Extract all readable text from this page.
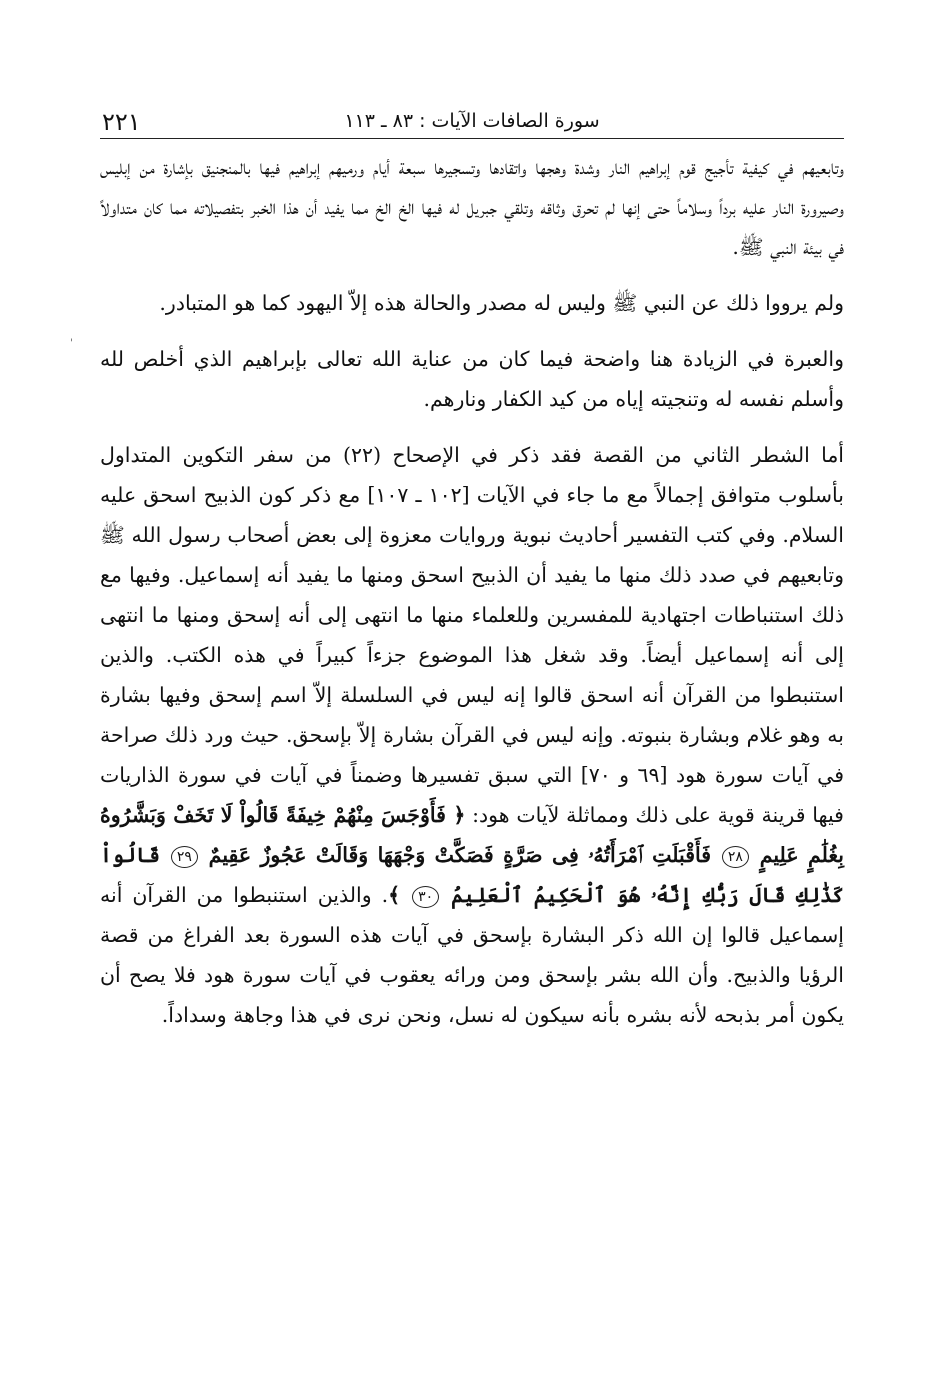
٢٢١	سورة الصافات الآيات : ٨٣ ـ ١١٣

وتابعيهم في كيفية تأجيج قوم إبراهيم النار وشدة وهجها واتقادها وتسجيرها سبعة أيام ورميهم إبراهيم فيها بالمنجنيق بإشارة من إبليس وصيرورة النار عليه برداً وسلاماً حتى إنها لم تحرق وثاقه وتلقي جبريل له فيها الخ الخ مما يفيد أن هذا الخبر بتفصيلاته مما كان متداولاً في بيئة النبي ﷺ.

ولم يرووا ذلك عن النبي ﷺ وليس له مصدر والحالة هذه إلاّ اليهود كما هو المتبادر.

والعبرة في الزيادة هنا واضحة فيما كان من عناية الله تعالى بإبراهيم الذي أخلص لله وأسلم نفسه له وتنجيته إياه من كيد الكفار ونارهم.

أما الشطر الثاني من القصة فقد ذكر في الإصحاح (٢٢) من سفر التكوين المتداول بأسلوب متوافق إجمالاً مع ما جاء في الآيات [١٠٢ ـ ١٠٧] مع ذكر كون الذبيح اسحق عليه السلام. وفي كتب التفسير أحاديث نبوية وروايات معزوة إلى بعض أصحاب رسول الله ﷺ وتابعيهم في صدد ذلك منها ما يفيد أن الذبيح اسحق ومنها ما يفيد أنه إسماعيل. وفيها مع ذلك استنباطات اجتهادية للمفسرين وللعلماء منها ما انتهى إلى أنه إسحق ومنها ما انتهى إلى أنه إسماعيل أيضاً. وقد شغل هذا الموضوع جزءاً كبيراً في هذه الكتب. والذين استنبطوا من القرآن أنه اسحق قالوا إنه ليس في السلسلة إلاّ اسم إسحق وفيها بشارة به وهو غلام وبشارة بنبوته. وإنه ليس في القرآن بشارة إلاّ بإسحق. حيث ورد ذلك صراحة في آيات سورة هود [٦٩ و ٧٠] التي سبق تفسيرها وضمناً في آيات في سورة الذاريات فيها قرينة قوية على ذلك ومماثلة لآيات هود: ﴿ فَأَوْجَسَ مِنْهُمْ خِيفَةً قَالُواْ لَا تَخَفْ وَبَشَّرُوهُ بِغُلَٰمٍ عَلِيمٍ ٢٨ فَأَقْبَلَتِ ٱمْرَأَتُهُۥ فِى صَرَّةٍ فَصَكَّتْ وَجْهَهَا وَقَالَتْ عَجُوزٌ عَقِيمٌ ٢٩ قَالُواْ كَذَٰلِكِ قَالَ رَبُّكِ إِنَّهُۥ هُوَ ٱلْحَكِيمُ ٱلْعَلِيمُ ٣٠ ﴾. والذين استنبطوا من القرآن أنه إسماعيل قالوا إن الله ذكر البشارة بإسحق في آيات هذه السورة بعد الفراغ من قصة الرؤيا والذبيح. وأن الله بشر بإسحق ومن ورائه يعقوب في آيات سورة هود فلا يصح أن يكون أمر بذبحه لأنه بشره بأنه سيكون له نسل، ونحن نرى في هذا وجاهة وسداداً.

'
